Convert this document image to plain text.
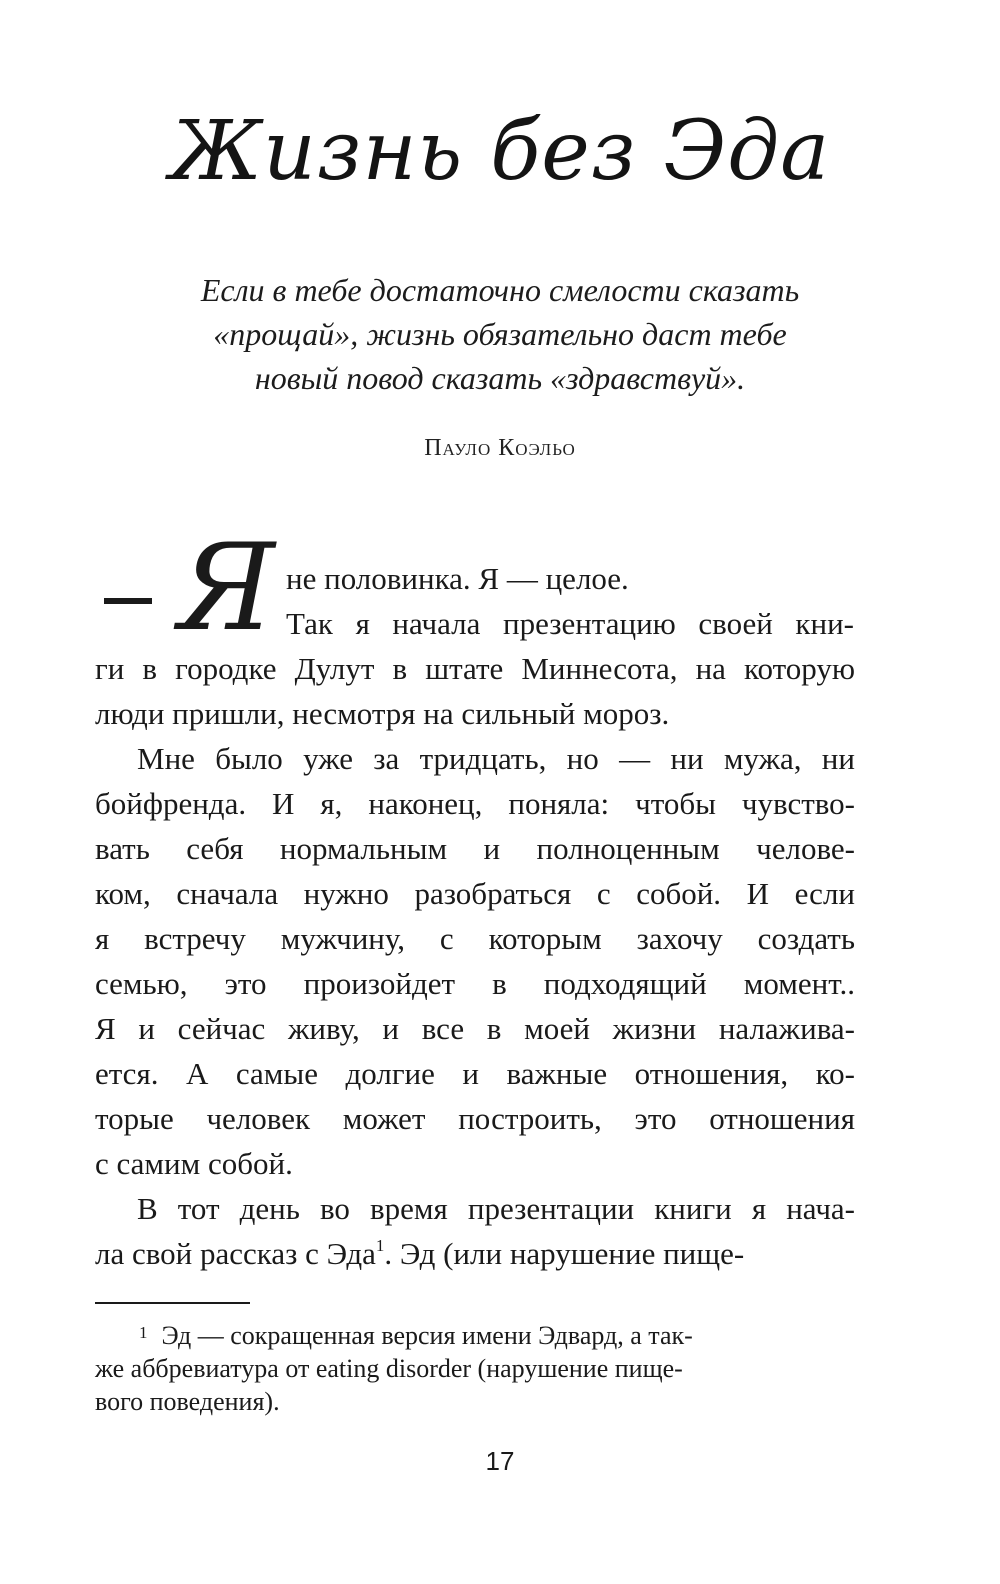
Жизнь без Эда
Если в тебе достаточно смелости сказать
«прощай», жизнь обязательно даст тебе
новый повод сказать «здравствуй».
Пауло Коэльо
Я не половинка. Я — целое.
Так я начала презентацию своей кни-
ги в городке Дулут в штате Миннесота, на которую
люди пришли, несмотря на сильный мороз.
Мне было уже за тридцать, но — ни мужа, ни
бойфренда. И я, наконец, поняла: чтобы чувство-
вать себя нормальным и полноценным челове-
ком, сначала нужно разобраться с собой. И если
я встречу мужчину, с которым захочу создать
семью, это произойдет в подходящий момент..
Я и сейчас живу, и все в моей жизни налажива-
ется. А самые долгие и важные отношения, ко-
торые человек может построить, это отношения
с самим собой.
В тот день во время презентации книги я нача-
ла свой рассказ с Эда$^1$. Эд (или нарушение пище-
$^1$ Эд — сокращенная версия имени Эдвард, а так-
же аббревиатура от eating disorder (нарушение пище-
вого поведения).
17
